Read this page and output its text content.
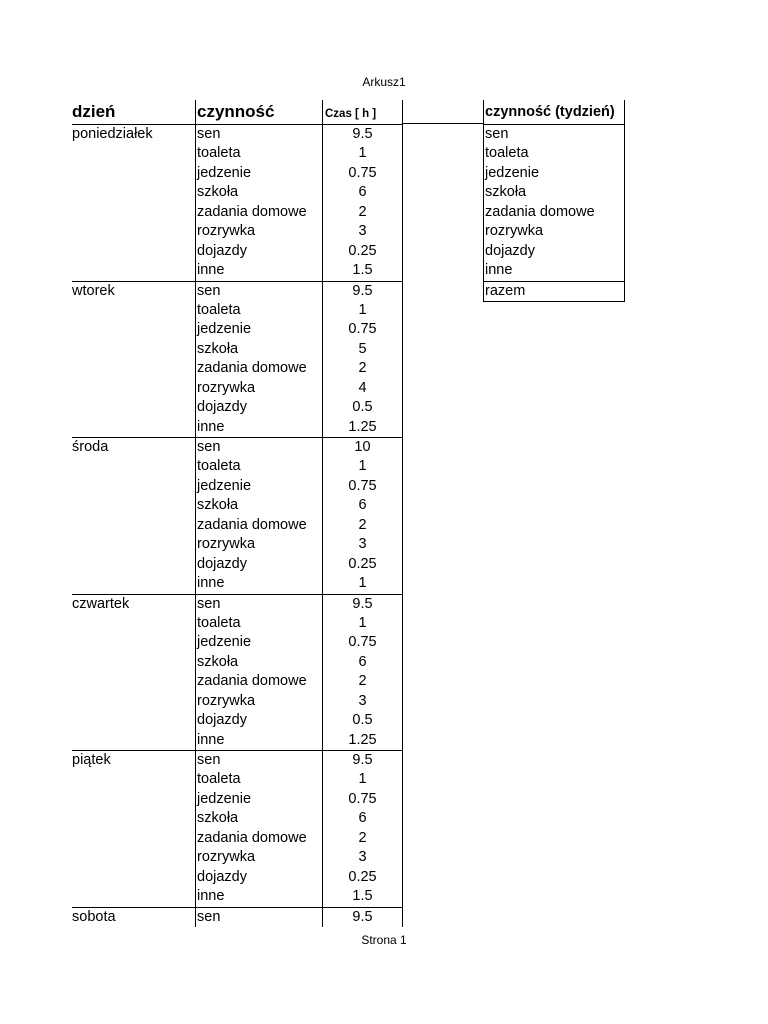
Arkusz1
dzień	czynność	Czas [ h ]
poniedziałek	sen	9.5
toaleta	1
jedzenie	0.75
szkoła	6
zadania domowe	2
rozrywka	3
dojazdy	0.25
inne	1.5
wtorek	sen	9.5
toaleta	1
jedzenie	0.75
szkoła	5
zadania domowe	2
rozrywka	4
dojazdy	0.5
inne	1.25
środa	sen	10
toaleta	1
jedzenie	0.75
szkoła	6
zadania domowe	2
rozrywka	3
dojazdy	0.25
inne	1
czwartek	sen	9.5
toaleta	1
jedzenie	0.75
szkoła	6
zadania domowe	2
rozrywka	3
dojazdy	0.5
inne	1.25
piątek	sen	9.5
toaleta	1
jedzenie	0.75
szkoła	6
zadania domowe	2
rozrywka	3
dojazdy	0.25
inne	1.5
sobota	sen	9.5
czynność (tydzień)
sen
toaleta
jedzenie
szkoła
zadania domowe
rozrywka
dojazdy
inne
razem
Strona 1
